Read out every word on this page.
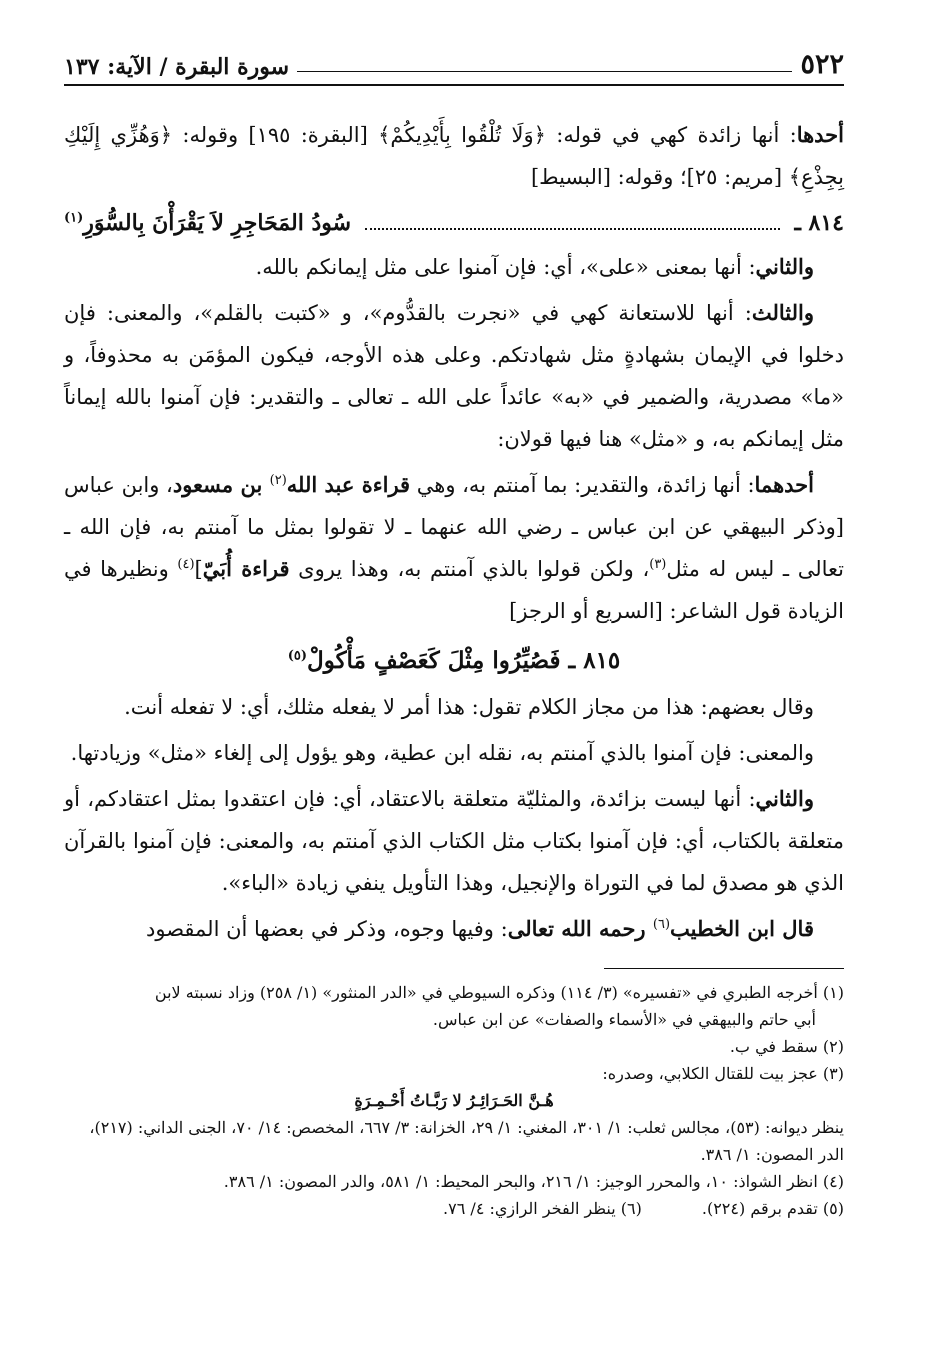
٥٢٢
سورة البقرة / الآية: ١٣٧

أحدها: أنها زائدة كهي في قوله: ﴿وَلَا تُلْقُوا بِأَيْدِيكُمْ﴾ [البقرة: ١٩٥] وقوله: ﴿وَهُزِّي إِلَيْكِ بِجِذْعِ﴾ [مريم: ٢٥]؛ وقوله: [البسيط]

٨١٤ ـ
سُودُ المَحَاجِرِ لاَ يَقْرَأْنَ بِالسُّوَرِ$^{(١)}$

والثاني: أنها بمعنى «على»، أي: فإن آمنوا على مثل إيمانكم بالله.

والثالث: أنها للاستعانة كهي في «نجرت بالقدُّوم»، و «كتبت بالقلم»، والمعنى: فإن دخلوا في الإيمان بشهادةٍ مثل شهادتكم. وعلى هذه الأوجه، فيكون المؤمَن به محذوفاً، و «ما» مصدرية، والضمير في «به» عائداً على الله ـ تعالى ـ والتقدير: فإن آمنوا بالله إيماناً مثل إيمانكم به، و «مثل» هنا فيها قولان:

أحدهما: أنها زائدة، والتقدير: بما آمنتم به، وهي قراءة عبد الله$^{(٢)}$ بن مسعود، وابن عباس [وذكر البيهقي عن ابن عباس ـ رضي الله عنهما ـ لا تقولوا بمثل ما آمنتم به، فإن الله ـ تعالى ـ ليس له مثل$^{(٣)}$، ولكن قولوا بالذي آمنتم به، وهذا يروى قراءة أُبَيّ]$^{(٤)}$ ونظيرها في الزيادة قول الشاعر: [السريع أو الرجز]

٨١٥ ـ فَصُيِّرُوا مِثْلَ كَعَصْفٍ مَأْكُولْ$^{(٥)}$

وقال بعضهم: هذا من مجاز الكلام تقول: هذا أمر لا يفعله مثلك، أي: لا تفعله أنت.

والمعنى: فإن آمنوا بالذي آمنتم به، نقله ابن عطية، وهو يؤول إلى إلغاء «مثل» وزيادتها.

والثاني: أنها ليست بزائدة، والمثليّة متعلقة بالاعتقاد، أي: فإن اعتقدوا بمثل اعتقادكم، أو متعلقة بالكتاب، أي: فإن آمنوا بكتاب مثل الكتاب الذي آمنتم به، والمعنى: فإن آمنوا بالقرآن الذي هو مصدق لما في التوراة والإنجيل، وهذا التأويل ينفي زيادة «الباء».

قال ابن الخطيب$^{(٦)}$ رحمه الله تعالى: وفيها وجوه، وذكر في بعضها أن المقصود

(١) أخرجه الطبري في «تفسيره» (٣/ ١١٤) وذكره السيوطي في «الدر المنثور» (١/ ٢٥٨) وزاد نسبته لابن
أبي حاتم والبيهقي في «الأسماء والصفات» عن ابن عباس.
(٢) سقط في ب.
(٣) عجز بيت للقتال الكلابي، وصدره:
هُـنَّ الحَـرَائِـرُ لا رَبَّـاتُ أَحْـمِـرَةٍ
ينظر ديوانه: (٥٣)، مجالس ثعلب: ١/ ٣٠١، المغني: ١/ ٢٩، الخزانة: ٣/ ٦٦٧، المخصص: ١٤/ ٧٠، الجنى الداني: (٢١٧)، الدر المصون: ١/ ٣٨٦.
(٤) انظر الشواذ: ١٠، والمحرر الوجيز: ١/ ٢١٦، والبحر المحيط: ١/ ٥٨١، والدر المصون: ١/ ٣٨٦.
(٥) تقدم برقم (٢٢٤).
(٦) ينظر الفخر الرازي: ٤/ ٧٦.
